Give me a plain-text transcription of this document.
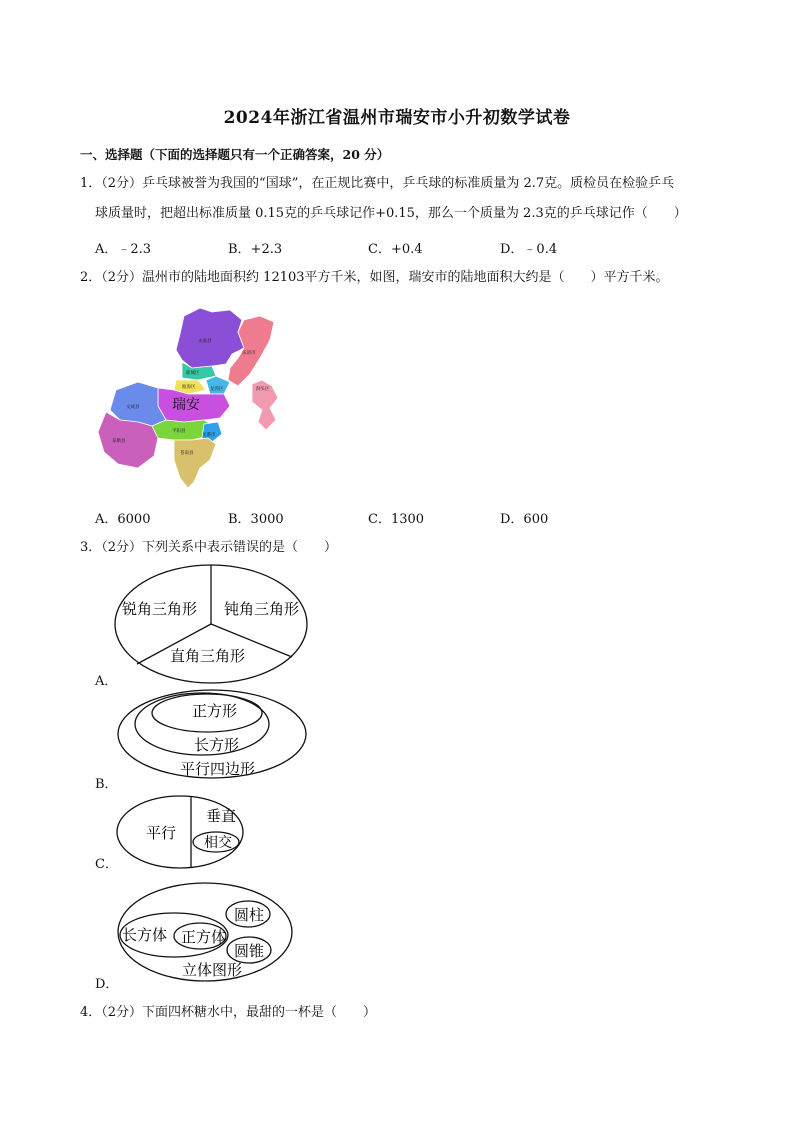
2024年浙江省温州市瑞安市小升初数学试卷
一、选择题（下面的选择题只有一个正确答案，20 分）
1．（2分）乒乓球被誉为我国的“国球”，在正规比赛中，乒乓球的标准质量为 2.7克。质检员在检验乒乓
球质量时，把超出标准质量 0.15克的乒乓球记作+0.15，那么一个质量为 2.3克的乒乓球记作（　　）
A．﹣2.3	B．+2.3	C．+0.4	D．﹣0.4
2．（2分）温州市的陆地面积约 12103平方千米，如图，瑞安市的陆地面积大约是（　　）平方千米。
永嘉县
乐清市
鹿城区
瓯海区	龙湾区	洞头区
文成县
泰顺县
平阳县
龙港市
苍南县
瑞安
A．6000	B．3000	C．1300	D．600
3．（2分）下列关系中表示错误的是（　　）
锐角三角形 钝角三角形
直角三角形
A．
正方形
长方形
平行四边形
B．
平行
垂直
相交
C．
长方体 正方体
圆柱
圆锥
立体图形
D．
4．（2分）下面四杯糖水中，最甜的一杯是（　　）
